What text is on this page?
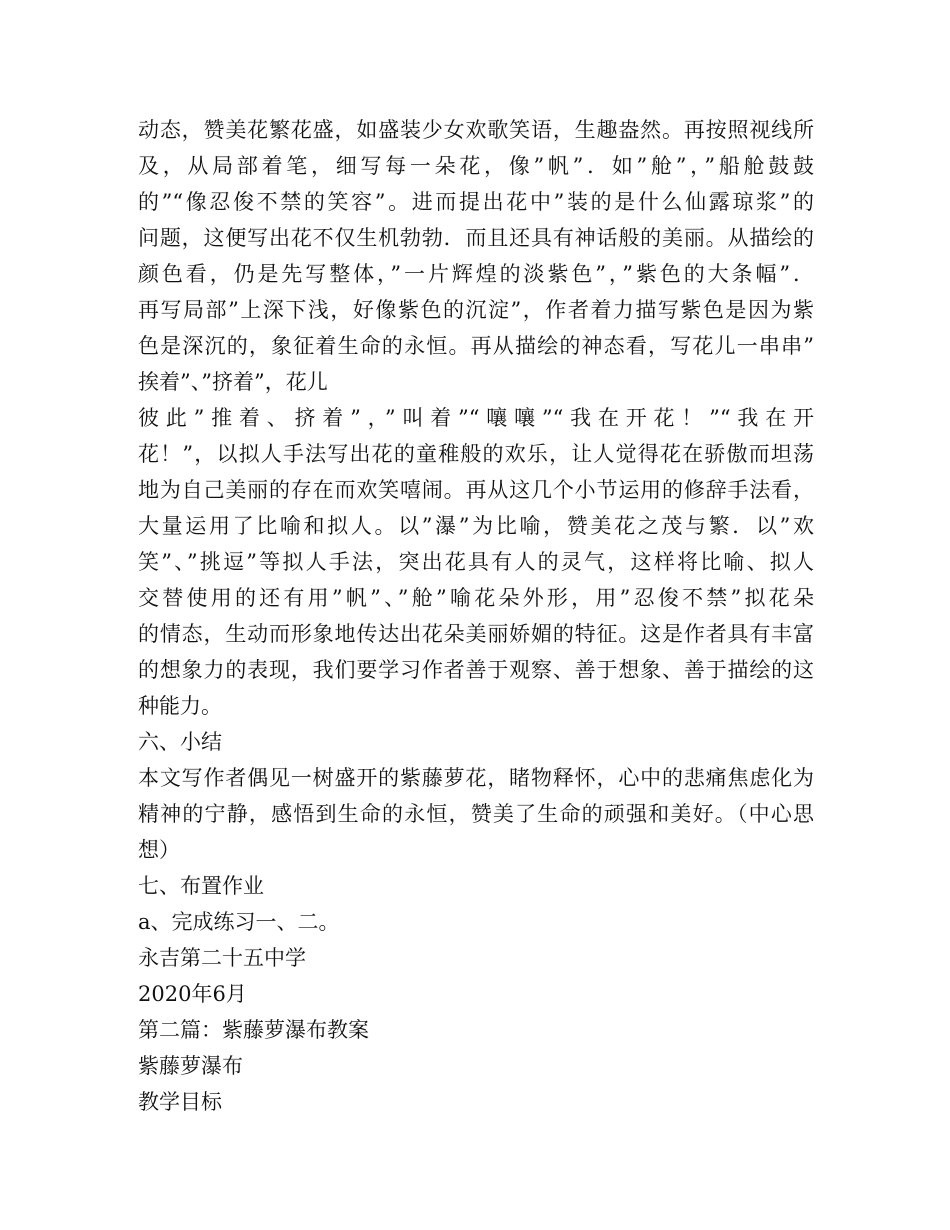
动态，赞美花繁花盛，如盛装少女欢歌笑语，生趣盎然。再按照视线所
及，从局部着笔，细写每一朵花，像”帆”．如”舱”，”船舱鼓鼓
的”“像忍俊不禁的笑容”。进而提出花中”装的是什么仙露琼浆”的
问题，这便写出花不仅生机勃勃．而且还具有神话般的美丽。从描绘的
颜色看，仍是先写整体，”一片辉煌的淡紫色”，”紫色的大条幅”．
再写局部”上深下浅，好像紫色的沉淀”，作者着力描写紫色是因为紫
色是深沉的，象征着生命的永恒。再从描绘的神态看，写花儿一串串”
挨着”、”挤着”，花儿
彼此”推着、挤着”，”叫着”“嚷嚷”“我在开花！”“我在开
花！”，以拟人手法写出花的童稚般的欢乐，让人觉得花在骄傲而坦荡
地为自己美丽的存在而欢笑嘻闹。再从这几个小节运用的修辞手法看，
大量运用了比喻和拟人。以”瀑”为比喻，赞美花之茂与繁．以”欢
笑”、”挑逗”等拟人手法，突出花具有人的灵气，这样将比喻、拟人
交替使用的还有用”帆”、”舱”喻花朵外形，用”忍俊不禁”拟花朵
的情态，生动而形象地传达出花朵美丽娇媚的特征。这是作者具有丰富
的想象力的表现，我们要学习作者善于观察、善于想象、善于描绘的这
种能力。
六、小结
本文写作者偶见一树盛开的紫藤萝花，睹物释怀，心中的悲痛焦虑化为
精神的宁静，感悟到生命的永恒，赞美了生命的顽强和美好。（中心思
想）
七、布置作业
a、完成练习一、二。
永吉第二十五中学
2020年6月
第二篇：紫藤萝瀑布教案
紫藤萝瀑布
教学目标
